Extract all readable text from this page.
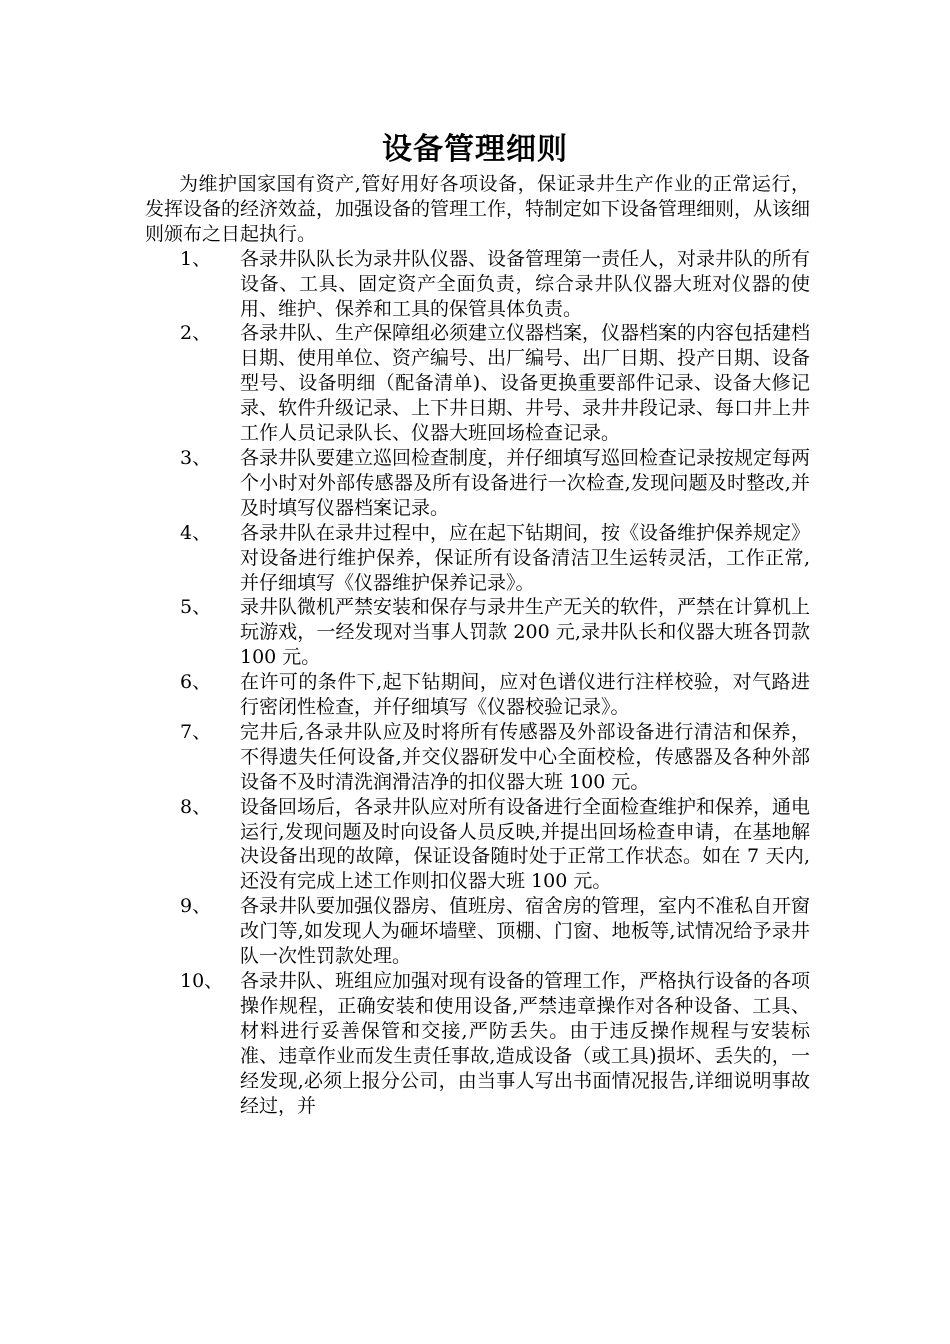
设备管理细则

为维护国家国有资产,管好用好各项设备，保证录井生产作业的正常运行，发挥设备的经济效益，加强设备的管理工作，特制定如下设备管理细则，从该细则颁布之日起执行。

1、	各录井队队长为录井队仪器、设备管理第一责任人，对录井队的所有设备、工具、固定资产全面负责，综合录井队仪器大班对仪器的使用、维护、保养和工具的保管具体负责。
2、	各录井队、生产保障组必须建立仪器档案，仪器档案的内容包括建档日期、使用单位、资产编号、出厂编号、出厂日期、投产日期、设备型号、设备明细（配备清单)、设备更换重要部件记录、设备大修记录、软件升级记录、上下井日期、井号、录井井段记录、每口井上井工作人员记录队长、仪器大班回场检查记录。
3、	各录井队要建立巡回检查制度，并仔细填写巡回检查记录按规定每两个小时对外部传感器及所有设备进行一次检查,发现问题及时整改,并及时填写仪器档案记录。
4、	各录井队在录井过程中，应在起下钻期间，按《设备维护保养规定》对设备进行维护保养，保证所有设备清洁卫生运转灵活，工作正常,并仔细填写《仪器维护保养记录》。
5、	录井队微机严禁安装和保存与录井生产无关的软件，严禁在计算机上玩游戏，一经发现对当事人罚款 200 元,录井队长和仪器大班各罚款 100 元。
6、	在许可的条件下,起下钻期间，应对色谱仪进行注样校验，对气路进行密闭性检查，并仔细填写《仪器校验记录》。
7、	完井后,各录井队应及时将所有传感器及外部设备进行清洁和保养，不得遗失任何设备,并交仪器研发中心全面校检，传感器及各种外部设备不及时清洗润滑洁净的扣仪器大班 100 元。
8、	设备回场后，各录井队应对所有设备进行全面检查维护和保养，通电运行,发现问题及时向设备人员反映,并提出回场检查申请，在基地解决设备出现的故障，保证设备随时处于正常工作状态。如在 7 天内,还没有完成上述工作则扣仪器大班 100 元。
9、	各录井队要加强仪器房、值班房、宿舍房的管理，室内不准私自开窗改门等,如发现人为砸坏墙壁、顶棚、门窗、地板等,试情况给予录井队一次性罚款处理。
10、 各录井队、班组应加强对现有设备的管理工作，严格执行设备的各项操作规程，正确安装和使用设备,严禁违章操作对各种设备、工具、材料进行妥善保管和交接,严防丢失。由于违反操作规程与安装标准、违章作业而发生责任事故,造成设备（或工具)损坏、丢失的，一经发现,必须上报分公司，由当事人写出书面情况报告,详细说明事故经过，并
